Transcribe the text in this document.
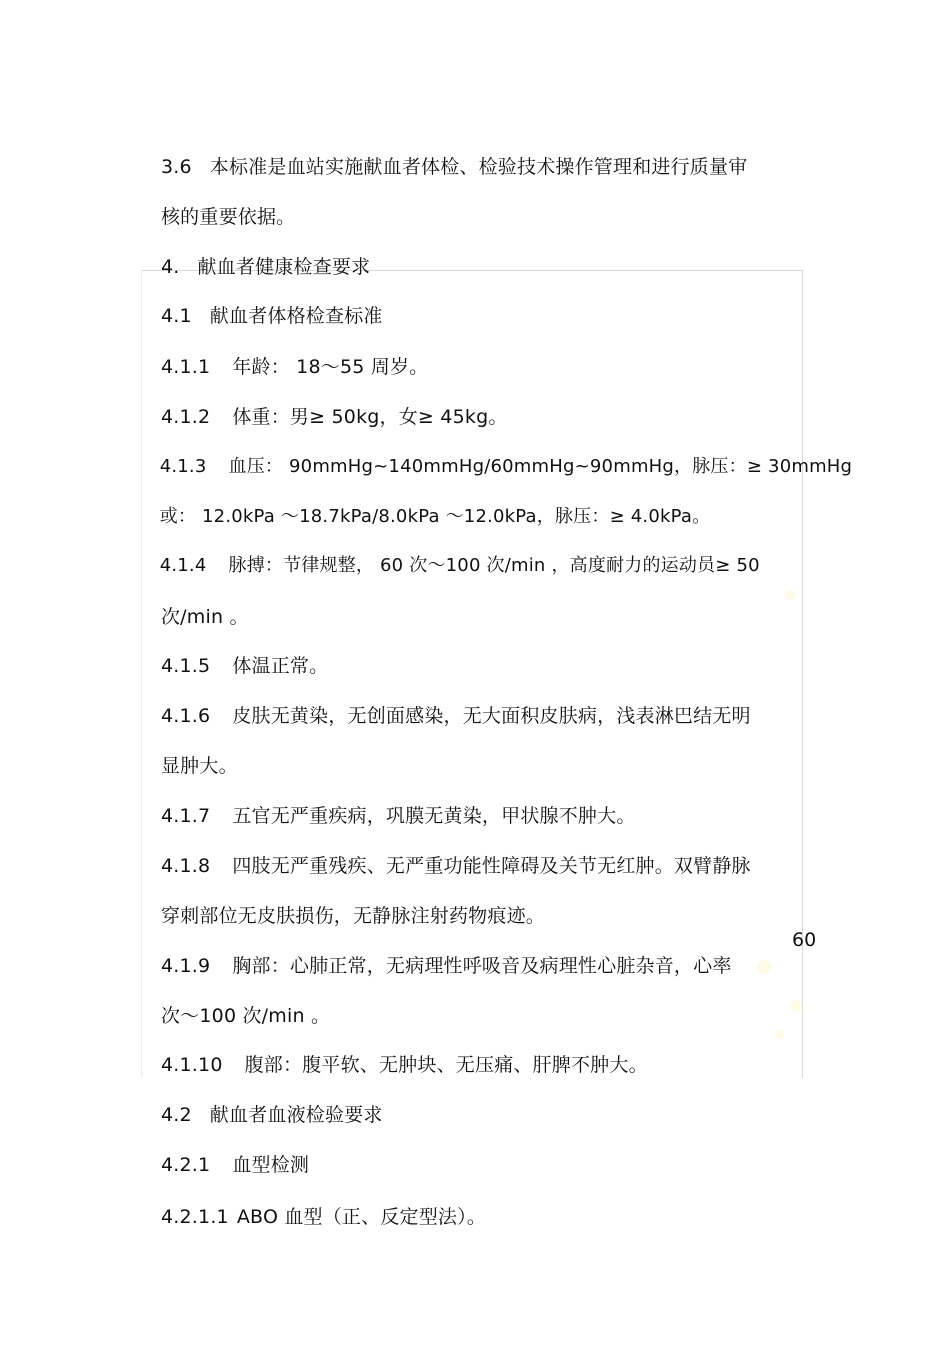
3.6 本标准是血站实施献血者体检、检验技术操作管理和进行质量审

核的重要依据。

4. 献血者健康检查要求

4.1 献血者体格检查标准

4.1.1 年龄： 18～55 周岁。

4.1.2 体重：男≥ 50kg，女≥ 45kg。

4.1.3 血压： 90mmHg~140mmHg/60mmHg~90mmHg，脉压：≥ 30mmHg

或： 12.0kPa ～18.7kPa/8.0kPa ～12.0kPa，脉压：≥ 4.0kPa。

4.1.4 脉搏：节律规整， 60 次～100 次/min ，高度耐力的运动员≥ 50

次/min 。

4.1.5 体温正常。

4.1.6 皮肤无黄染，无创面感染，无大面积皮肤病，浅表淋巴结无明

显肿大。

4.1.7 五官无严重疾病，巩膜无黄染，甲状腺不肿大。

4.1.8 四肢无严重残疾、无严重功能性障碍及关节无红肿。双臂静脉

穿刺部位无皮肤损伤，无静脉注射药物痕迹。

4.1.9 胸部：心肺正常，无病理性呼吸音及病理性心脏杂音，心率

60

次～100 次/min 。

4.1.10 腹部：腹平软、无肿块、无压痛、肝脾不肿大。

4.2 献血者血液检验要求

4.2.1 血型检测

4.2.1.1 ABO 血型（正、反定型法）。
